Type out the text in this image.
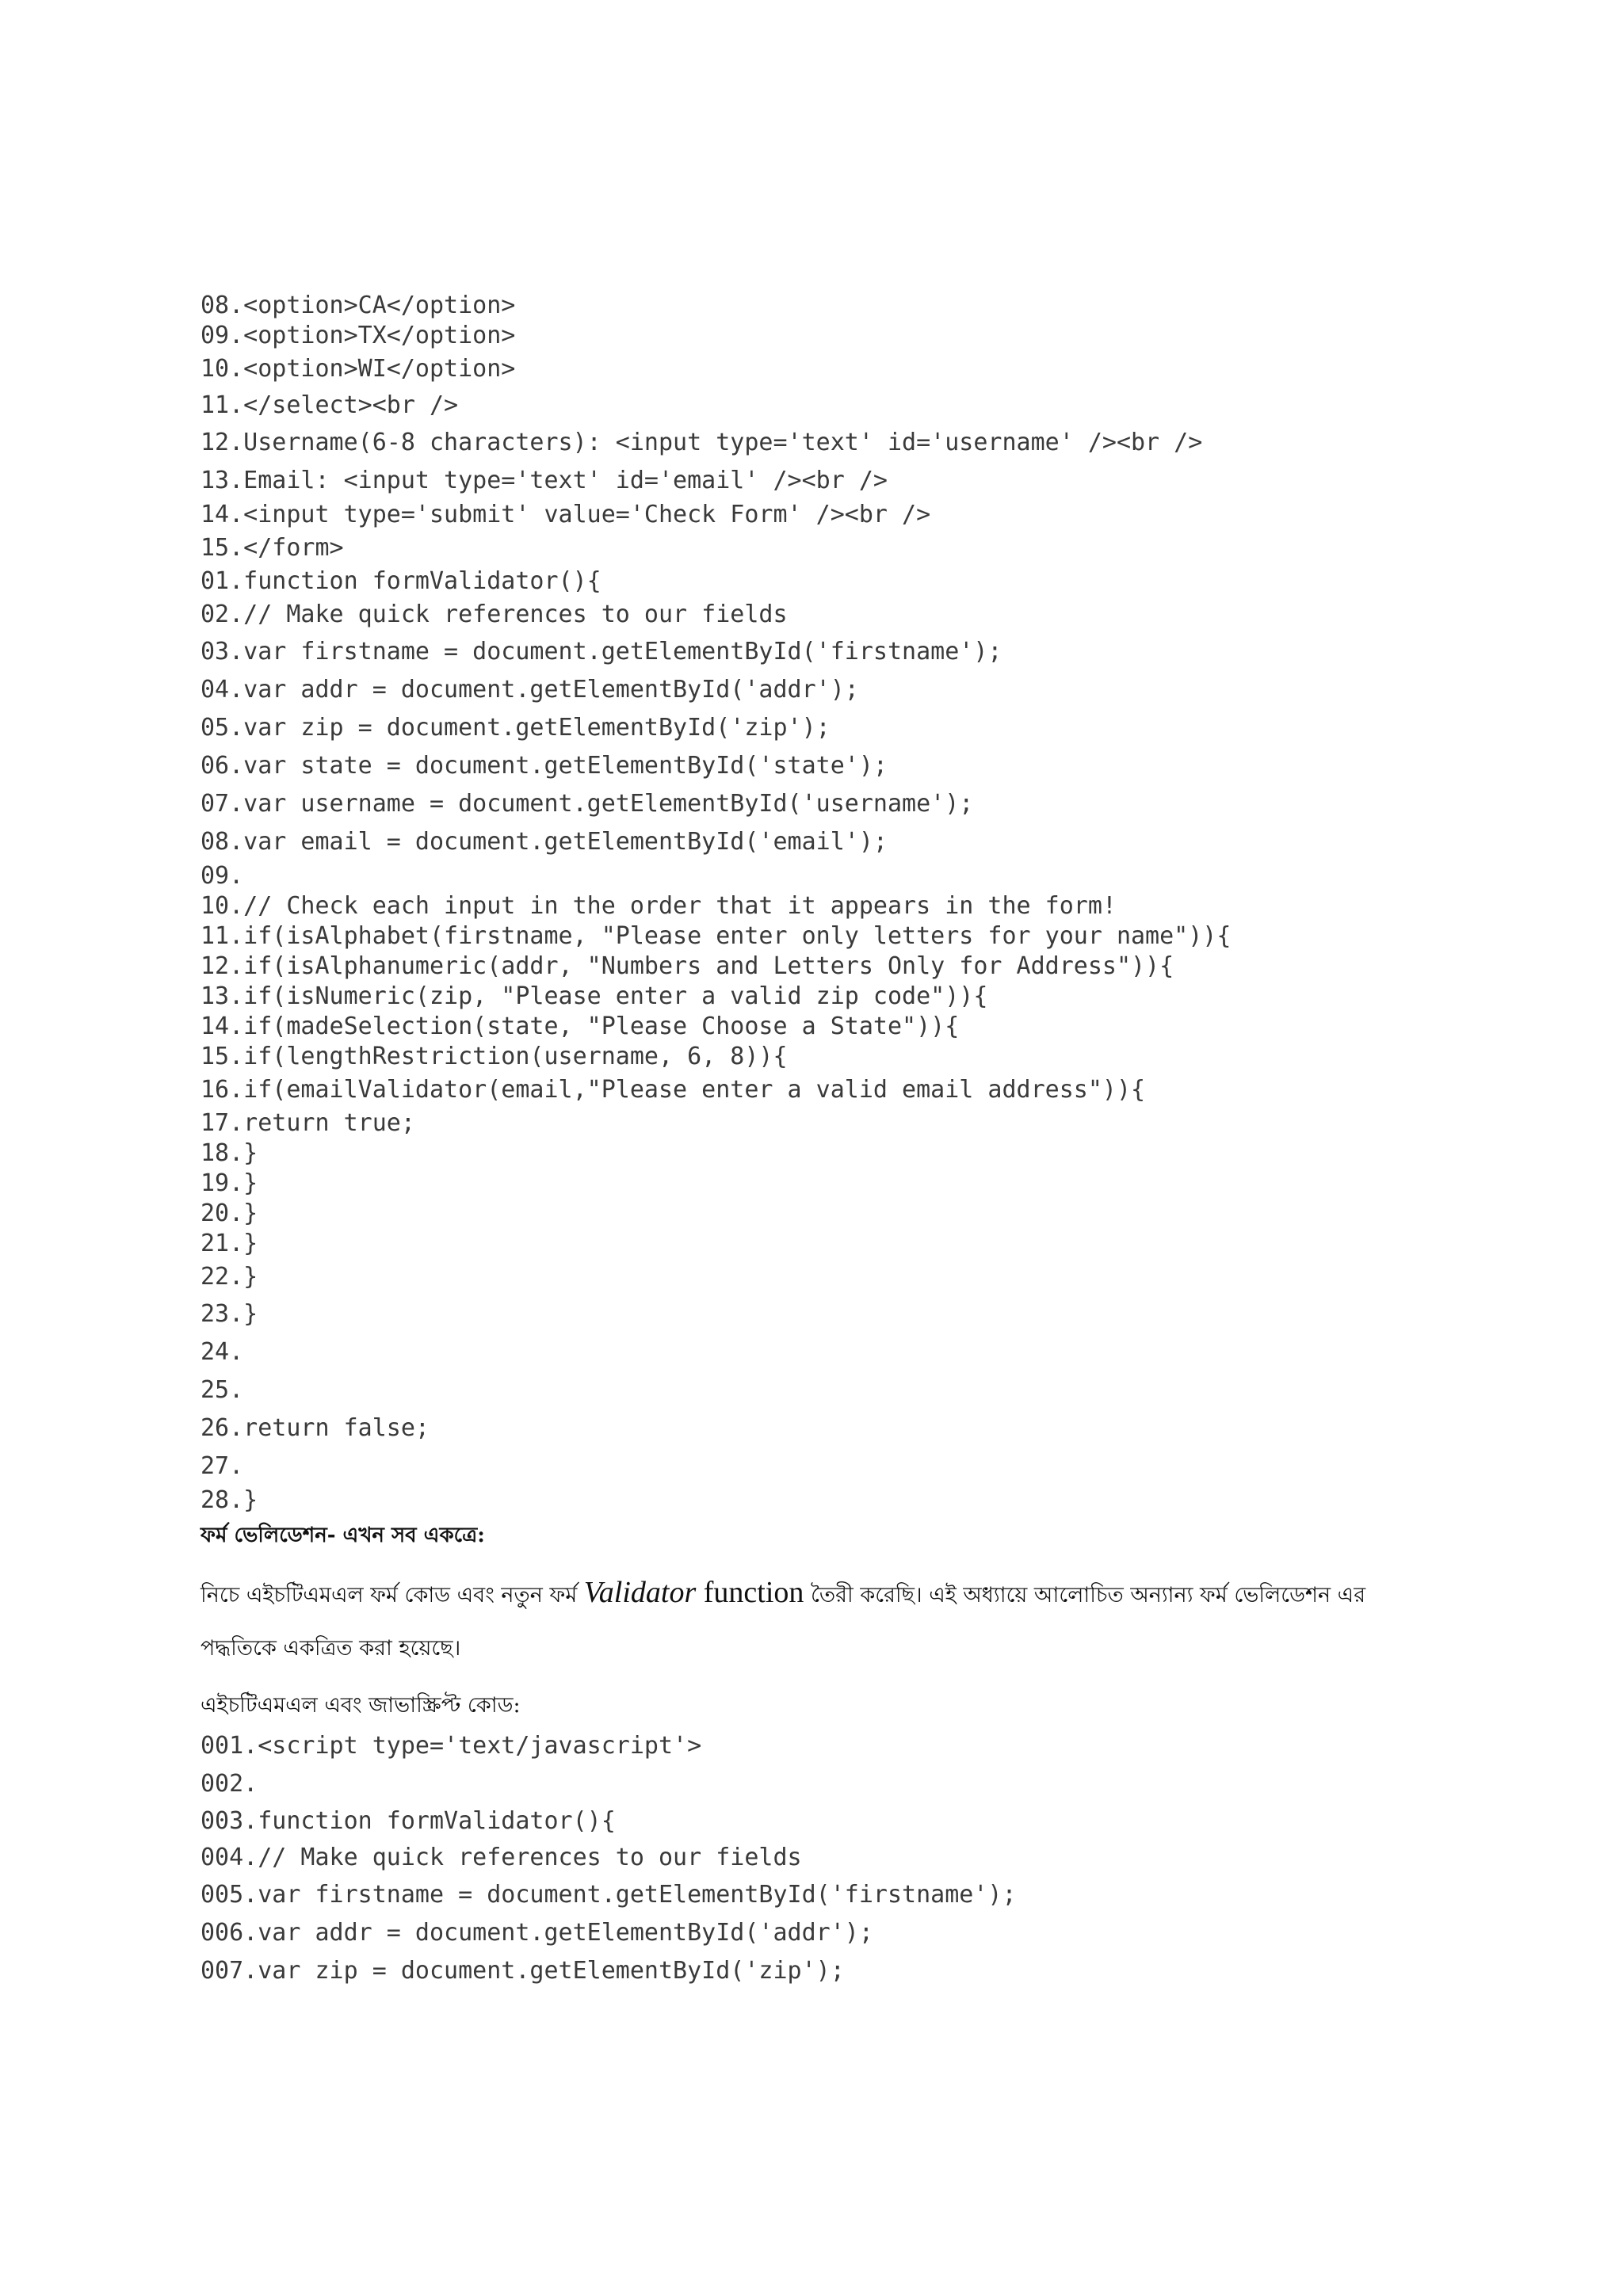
08.<option>CA</option>
09.<option>TX</option>
10.<option>WI</option>
11.</select><br />
12.Username(6-8 characters): <input type='text' id='username' /><br />
13.Email: <input type='text' id='email' /><br />
14.<input type='submit' value='Check Form' /><br />
15.</form>
01.function formValidator(){
02.// Make quick references to our fields
03.var firstname = document.getElementById('firstname');
04.var addr = document.getElementById('addr');
05.var zip = document.getElementById('zip');
06.var state = document.getElementById('state');
07.var username = document.getElementById('username');
08.var email = document.getElementById('email');
09.
10.// Check each input in the order that it appears in the form!
11.if(isAlphabet(firstname, "Please enter only letters for your name")){
12.if(isAlphanumeric(addr, "Numbers and Letters Only for Address")){
13.if(isNumeric(zip, "Please enter a valid zip code")){
14.if(madeSelection(state, "Please Choose a State")){
15.if(lengthRestriction(username, 6, 8)){
16.if(emailValidator(email,"Please enter a valid email address")){
17.return true;
18.}
19.}
20.}
21.}
22.}
23.}
24.
25.
26.return false;
27.
28.}
ফর্ম ভেলিডেশন- এখন সব একত্রে:
নিচে এইচটিএমএল ফর্ম কোড এবং নতুন ফর্ম Validator function তৈরী করেছি। এই অধ্যায়ে আলোচিত অন্যান্য ফর্ম ভেলিডেশন এর
পদ্ধতিকে একত্রিত করা হয়েছে।
এইচটিএমএল এবং জাভাস্ক্রিপ্ট কোড:
001.<script type='text/javascript'>
002.
003.function formValidator(){
004.// Make quick references to our fields
005.var firstname = document.getElementById('firstname');
006.var addr = document.getElementById('addr');
007.var zip = document.getElementById('zip');
